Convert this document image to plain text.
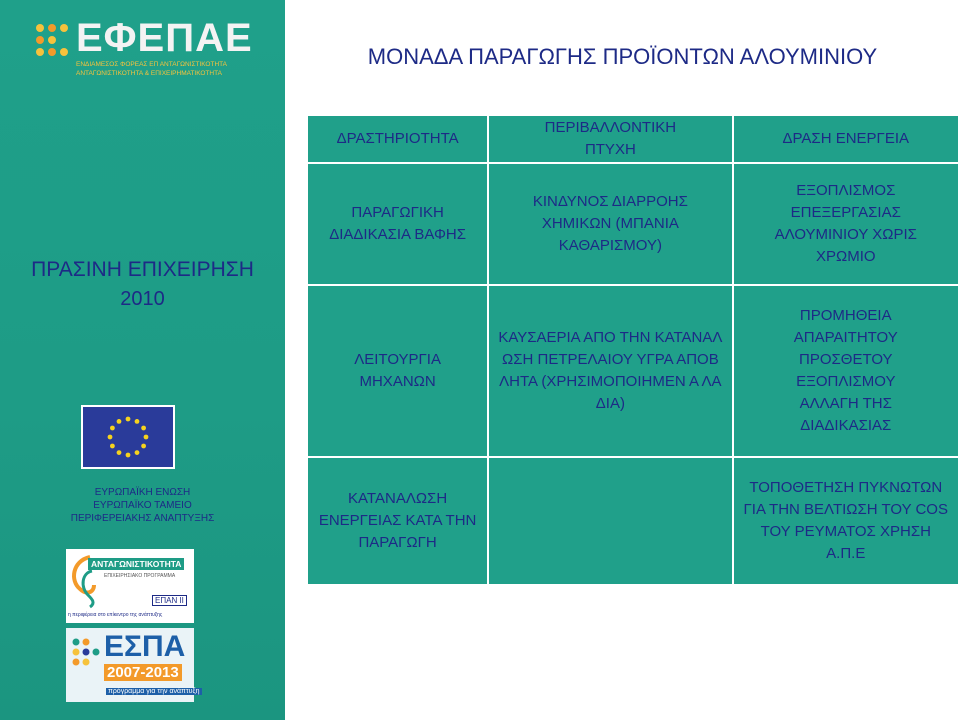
ΕΦΕΠΑΕ
ΕΝΔΙΑΜΕΣΟΣ ΦΟΡΕΑΣ ΕΠ ΑΝΤΑΓΩΝΙΣΤΙΚΟΤΗΤΑ
ΑΝΤΑΓΩΝΙΣΤΙΚΟΤΗΤΑ & ΕΠΙΧΕΙΡΗΜΑΤΙΚΟΤΗΤΑ
ΠΡΑΣΙΝΗ ΕΠΙΧΕΙΡΗΣΗ
2010
ΕΥΡΩΠΑΪΚΗ ΕΝΩΣΗ
ΕΥΡΩΠΑΪΚΟ ΤΑΜΕΙΟ
ΠΕΡΙΦΕΡΕΙΑΚΗΣ ΑΝΑΠΤΥΞΗΣ
ΑΝΤΑΓΩΝΙΣΤΙΚΟΤΗΤΑ
ΕΠΙΧΕΙΡΗΣΙΑΚΟ ΠΡΟΓΡΑΜΜΑ
ΕΠΑΝ ΙΙ
η περιφέρεια στο επίκεντρο της ανάπτυξης
ΕΣΠΑ
2007-2013
πρόγραμμα για την ανάπτυξη
ΜΟΝΑΔΑ ΠΑΡΑΓΩΓΗΣ ΠΡΟΪΟΝΤΩΝ ΑΛΟΥΜΙΝΙΟΥ
ΔΡΑΣΤΗΡΙΟΤΗΤΑ	ΠΕΡΙΒΑΛΛΟΝΤΙΚΗ ΠΤΥΧΗ	ΔΡΑΣΗ ΕΝΕΡΓΕΙΑ
ΠΑΡΑΓΩΓΙΚΗ ΔΙΑΔΙΚΑΣΙΑ ΒΑΦΗΣ	ΚΙΝΔΥΝΟΣ ΔΙΑΡΡΟΗΣ ΧΗΜΙΚΩΝ (ΜΠΑΝΙΑ ΚΑΘΑΡΙΣΜΟΥ)	ΕΞΟΠΛΙΣΜΟΣ ΕΠΕΞΕΡΓΑΣΙΑΣ ΑΛΟΥΜΙΝΙΟΥ ΧΩΡΙΣ ΧΡΩΜΙΟ
ΛΕΙΤΟΥΡΓΙΑ ΜΗΧΑΝΩΝ	ΚΑΥΣΑΕΡΙΑ ΑΠΟ ΤΗΝ ΚΑΤΑΝΑΛΩΣΗ ΠΕΤΡΕΛΑΙΟΥ ΥΓΡΑ ΑΠΟΒΛΗΤΑ (ΧΡΗΣΙΜΟΠΟΙΗΜΕΝ Α ΛΑΔΙΑ)	ΠΡΟΜΗΘΕΙΑ ΑΠΑΡΑΙΤΗΤΟΥ ΠΡΟΣΘΕΤΟΥ ΕΞΟΠΛΙΣΜΟΥ ΑΛΛΑΓΗ ΤΗΣ ΔΙΑΔΙΚΑΣΙΑΣ
ΚΑΤΑΝΑΛΩΣΗ ΕΝΕΡΓΕΙΑΣ ΚΑΤΑ ΤΗΝ ΠΑΡΑΓΩΓΗ		ΤΟΠΟΘΕΤΗΣΗ ΠΥΚΝΩΤΩΝ ΓΙΑ ΤΗΝ ΒΕΛΤΙΩΣΗ ΤΟΥ COS ΤΟΥ ΡΕΥΜΑΤΟΣ ΧΡΗΣΗ Α.Π.Ε
